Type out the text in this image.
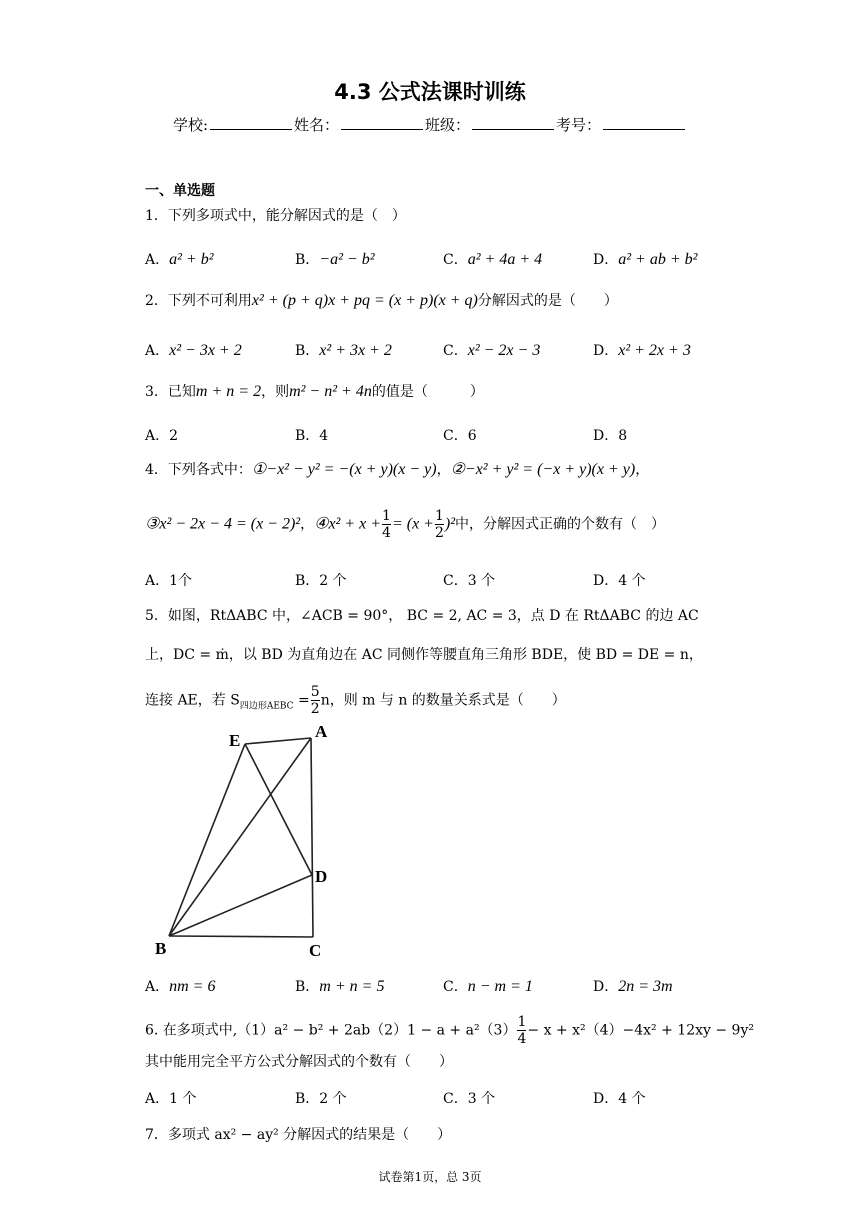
4.3 公式法课时训练
学校:	姓名：	班级：	考号：
一、单选题
1．下列多项式中，能分解因式的是（　）
A．a² + b²	B．−a² − b²	C．a² + 4a + 4	D．a² + ab + b²
2．下列不可利用x² + (p + q)x + pq = (x + p)(x + q)分解因式的是（　　）
A．x² − 3x + 2	B．x² + 3x + 2	C．x² − 2x − 3	D．x² + 2x + 3
3．已知m + n = 2，则m² − n² + 4n的值是（　　　）
A．2	B．4	C．6	D．8
4．下列各式中：①−x² − y² = −(x + y)(x − y)，②−x² + y² = (−x + y)(x + y)，
③x² − 2x − 4 = (x − 2)²，④x² + $x + \frac{1}{4} = (x + \frac{1}{2} )^2$中，分解因式正确的个数有（　）
A．1个	B．2 个	C．3 个	D．4 个
5．如图，RtΔABC 中，∠ACB = 90°， BC = 2, AC = 3，点 D 在 RtΔABC 的边 AC
上，DC = ṁ，以 BD 为直角边在 AC 同侧作等腰直角三角形 BDE，使 BD = DE = n，
连接 AE，若 $S_{四边形AEBC} = \frac{5}{2}$ n，则 m 与 n 的数量关系式是（　　）
E	A
D
B	C
A．nm = 6	B．m + n = 5	C．n − m = 1	D．2n = 3m
6. 在多项式中$,(1)a^2 - b^2 + 2ab(2)1 - a + a^2(3) \frac{1}{4} - x + x^2(4)-4x^2 + 12xy - 9y^2$
其中能用完全平方公式分解因式的个数有（　　）
A．1 个	B．2 个	C．3 个	D．4 个
7．多项式 ax² − ay² 分解因式的结果是（　　）
试卷第1页，总 3页
